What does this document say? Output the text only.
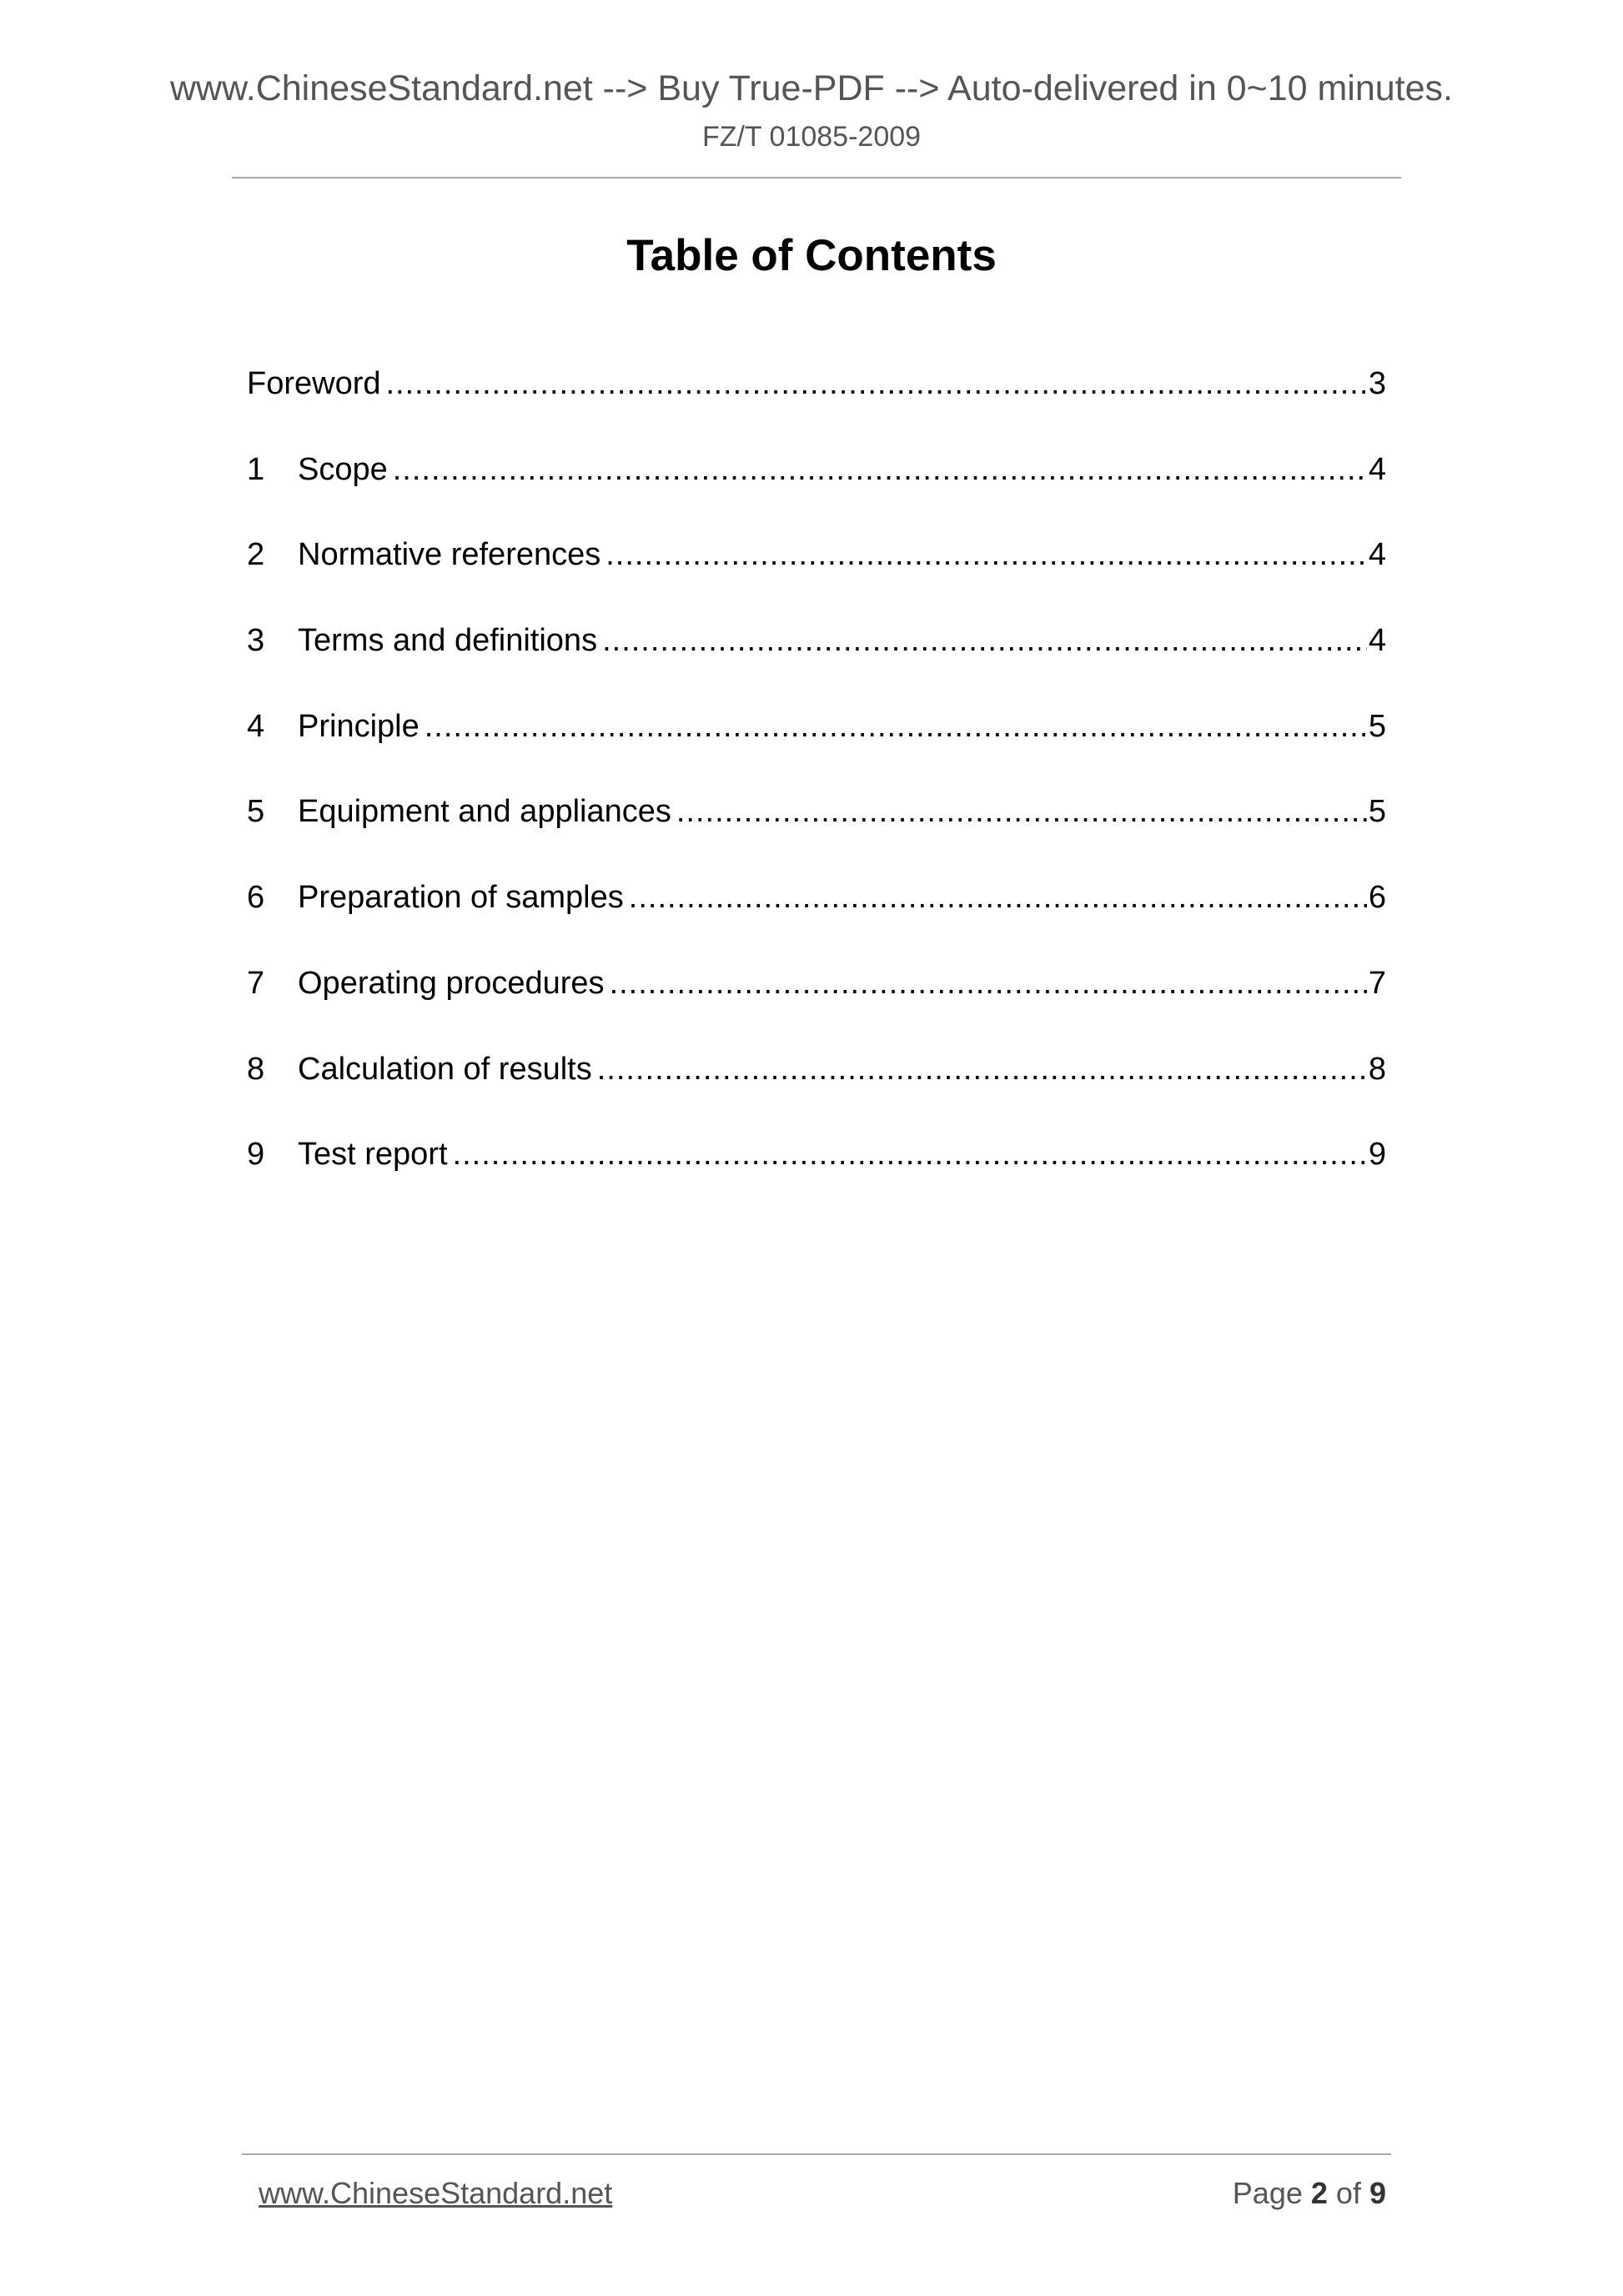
www.ChineseStandard.net --> Buy True-PDF --> Auto-delivered in 0~10 minutes.
FZ/T 01085-2009
Table of Contents
Foreword .....	3
1	Scope .....	4
2	Normative references .....	4
3	Terms and definitions .....	4
4	Principle .....	5
5	Equipment and appliances .....	5
6	Preparation of samples .....	6
7	Operating procedures .....	7
8	Calculation of results .....	8
9	Test report .....	9
www.ChineseStandard.net	Page 2 of 9
